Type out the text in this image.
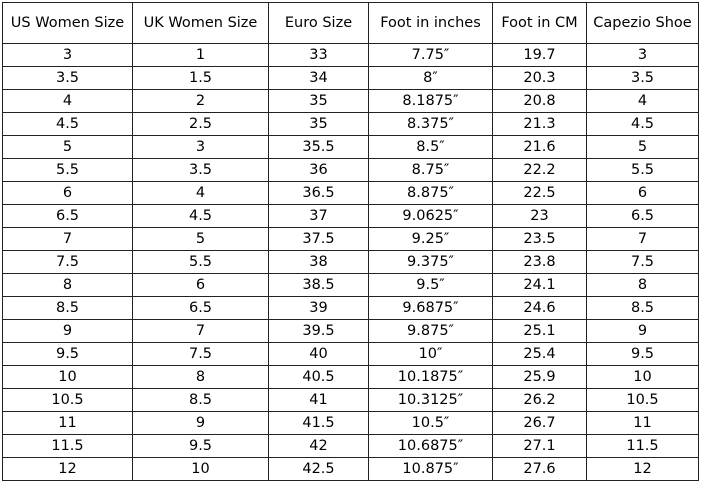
US Women Size	UK Women Size	Euro Size	Foot in inches	Foot in CM	Capezio Shoe
3	1	33	7.75″	19.7	3
3.5	1.5	34	8″	20.3	3.5
4	2	35	8.1875″	20.8	4
4.5	2.5	35	8.375″	21.3	4.5
5	3	35.5	8.5″	21.6	5
5.5	3.5	36	8.75″	22.2	5.5
6	4	36.5	8.875″	22.5	6
6.5	4.5	37	9.0625″	23	6.5
7	5	37.5	9.25″	23.5	7
7.5	5.5	38	9.375″	23.8	7.5
8	6	38.5	9.5″	24.1	8
8.5	6.5	39	9.6875″	24.6	8.5
9	7	39.5	9.875″	25.1	9
9.5	7.5	40	10″	25.4	9.5
10	8	40.5	10.1875″	25.9	10
10.5	8.5	41	10.3125″	26.2	10.5
11	9	41.5	10.5″	26.7	11
11.5	9.5	42	10.6875″	27.1	11.5
12	10	42.5	10.875″	27.6	12
